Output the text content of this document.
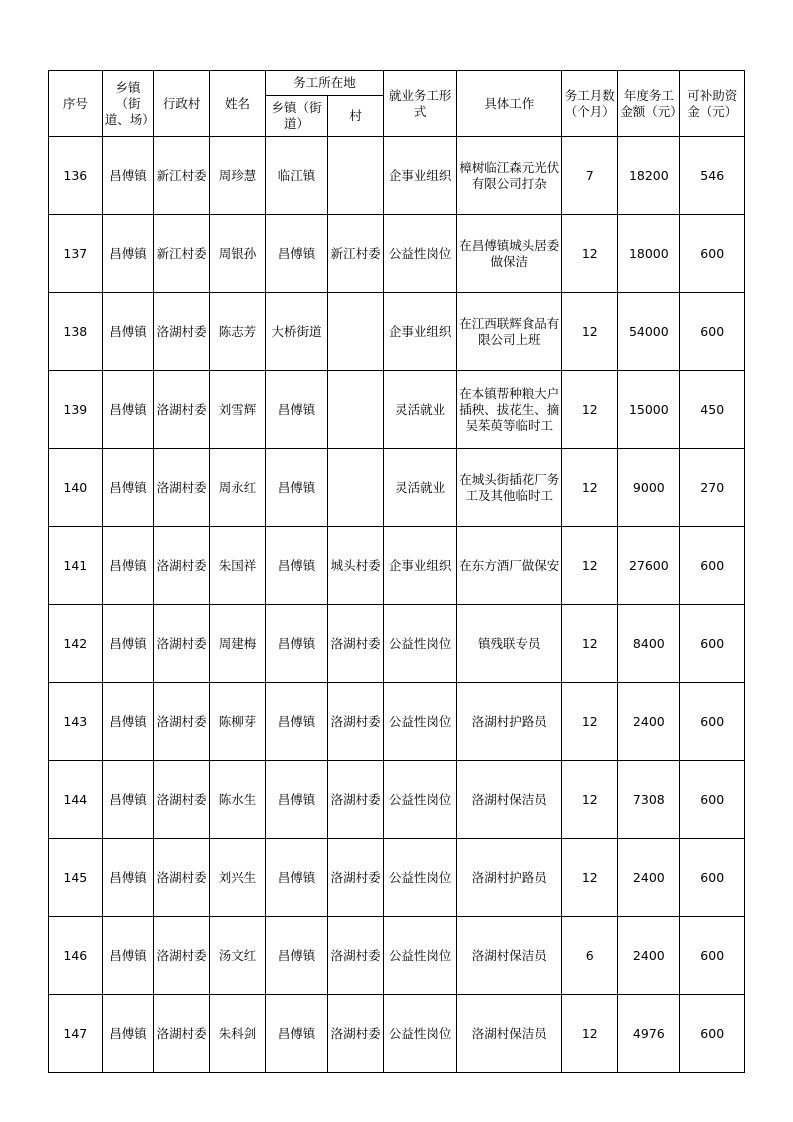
序号	乡镇（街道、场）	行政村	姓名	务工所在地		就业务工形式	具体工作	务工月数（个月）	年度务工金额（元）	可补助资金（元）
				乡镇（街道）	村					
136	昌傅镇	新江村委	周珍慧	临江镇		企事业组织	樟树临江森元光伏有限公司打杂	7	18200	546
137	昌傅镇	新江村委	周银孙	昌傅镇	新江村委	公益性岗位	在昌傅镇城头居委做保洁	12	18000	600
138	昌傅镇	洛湖村委	陈志芳	大桥街道		企事业组织	在江西联辉食品有限公司上班	12	54000	600
139	昌傅镇	洛湖村委	刘雪辉	昌傅镇		灵活就业	在本镇帮种粮大户插秧、拔花生、摘吴茱萸等临时工	12	15000	450
140	昌傅镇	洛湖村委	周永红	昌傅镇		灵活就业	在城头街插花厂务工及其他临时工	12	9000	270
141	昌傅镇	洛湖村委	朱国祥	昌傅镇	城头村委	企事业组织	在东方酒厂做保安	12	27600	600
142	昌傅镇	洛湖村委	周建梅	昌傅镇	洛湖村委	公益性岗位	镇残联专员	12	8400	600
143	昌傅镇	洛湖村委	陈柳芽	昌傅镇	洛湖村委	公益性岗位	洛湖村护路员	12	2400	600
144	昌傅镇	洛湖村委	陈水生	昌傅镇	洛湖村委	公益性岗位	洛湖村保洁员	12	7308	600
145	昌傅镇	洛湖村委	刘兴生	昌傅镇	洛湖村委	公益性岗位	洛湖村护路员	12	2400	600
146	昌傅镇	洛湖村委	汤文红	昌傅镇	洛湖村委	公益性岗位	洛湖村保洁员	6	2400	600
147	昌傅镇	洛湖村委	朱科剑	昌傅镇	洛湖村委	公益性岗位	洛湖村保洁员	12	4976	600
